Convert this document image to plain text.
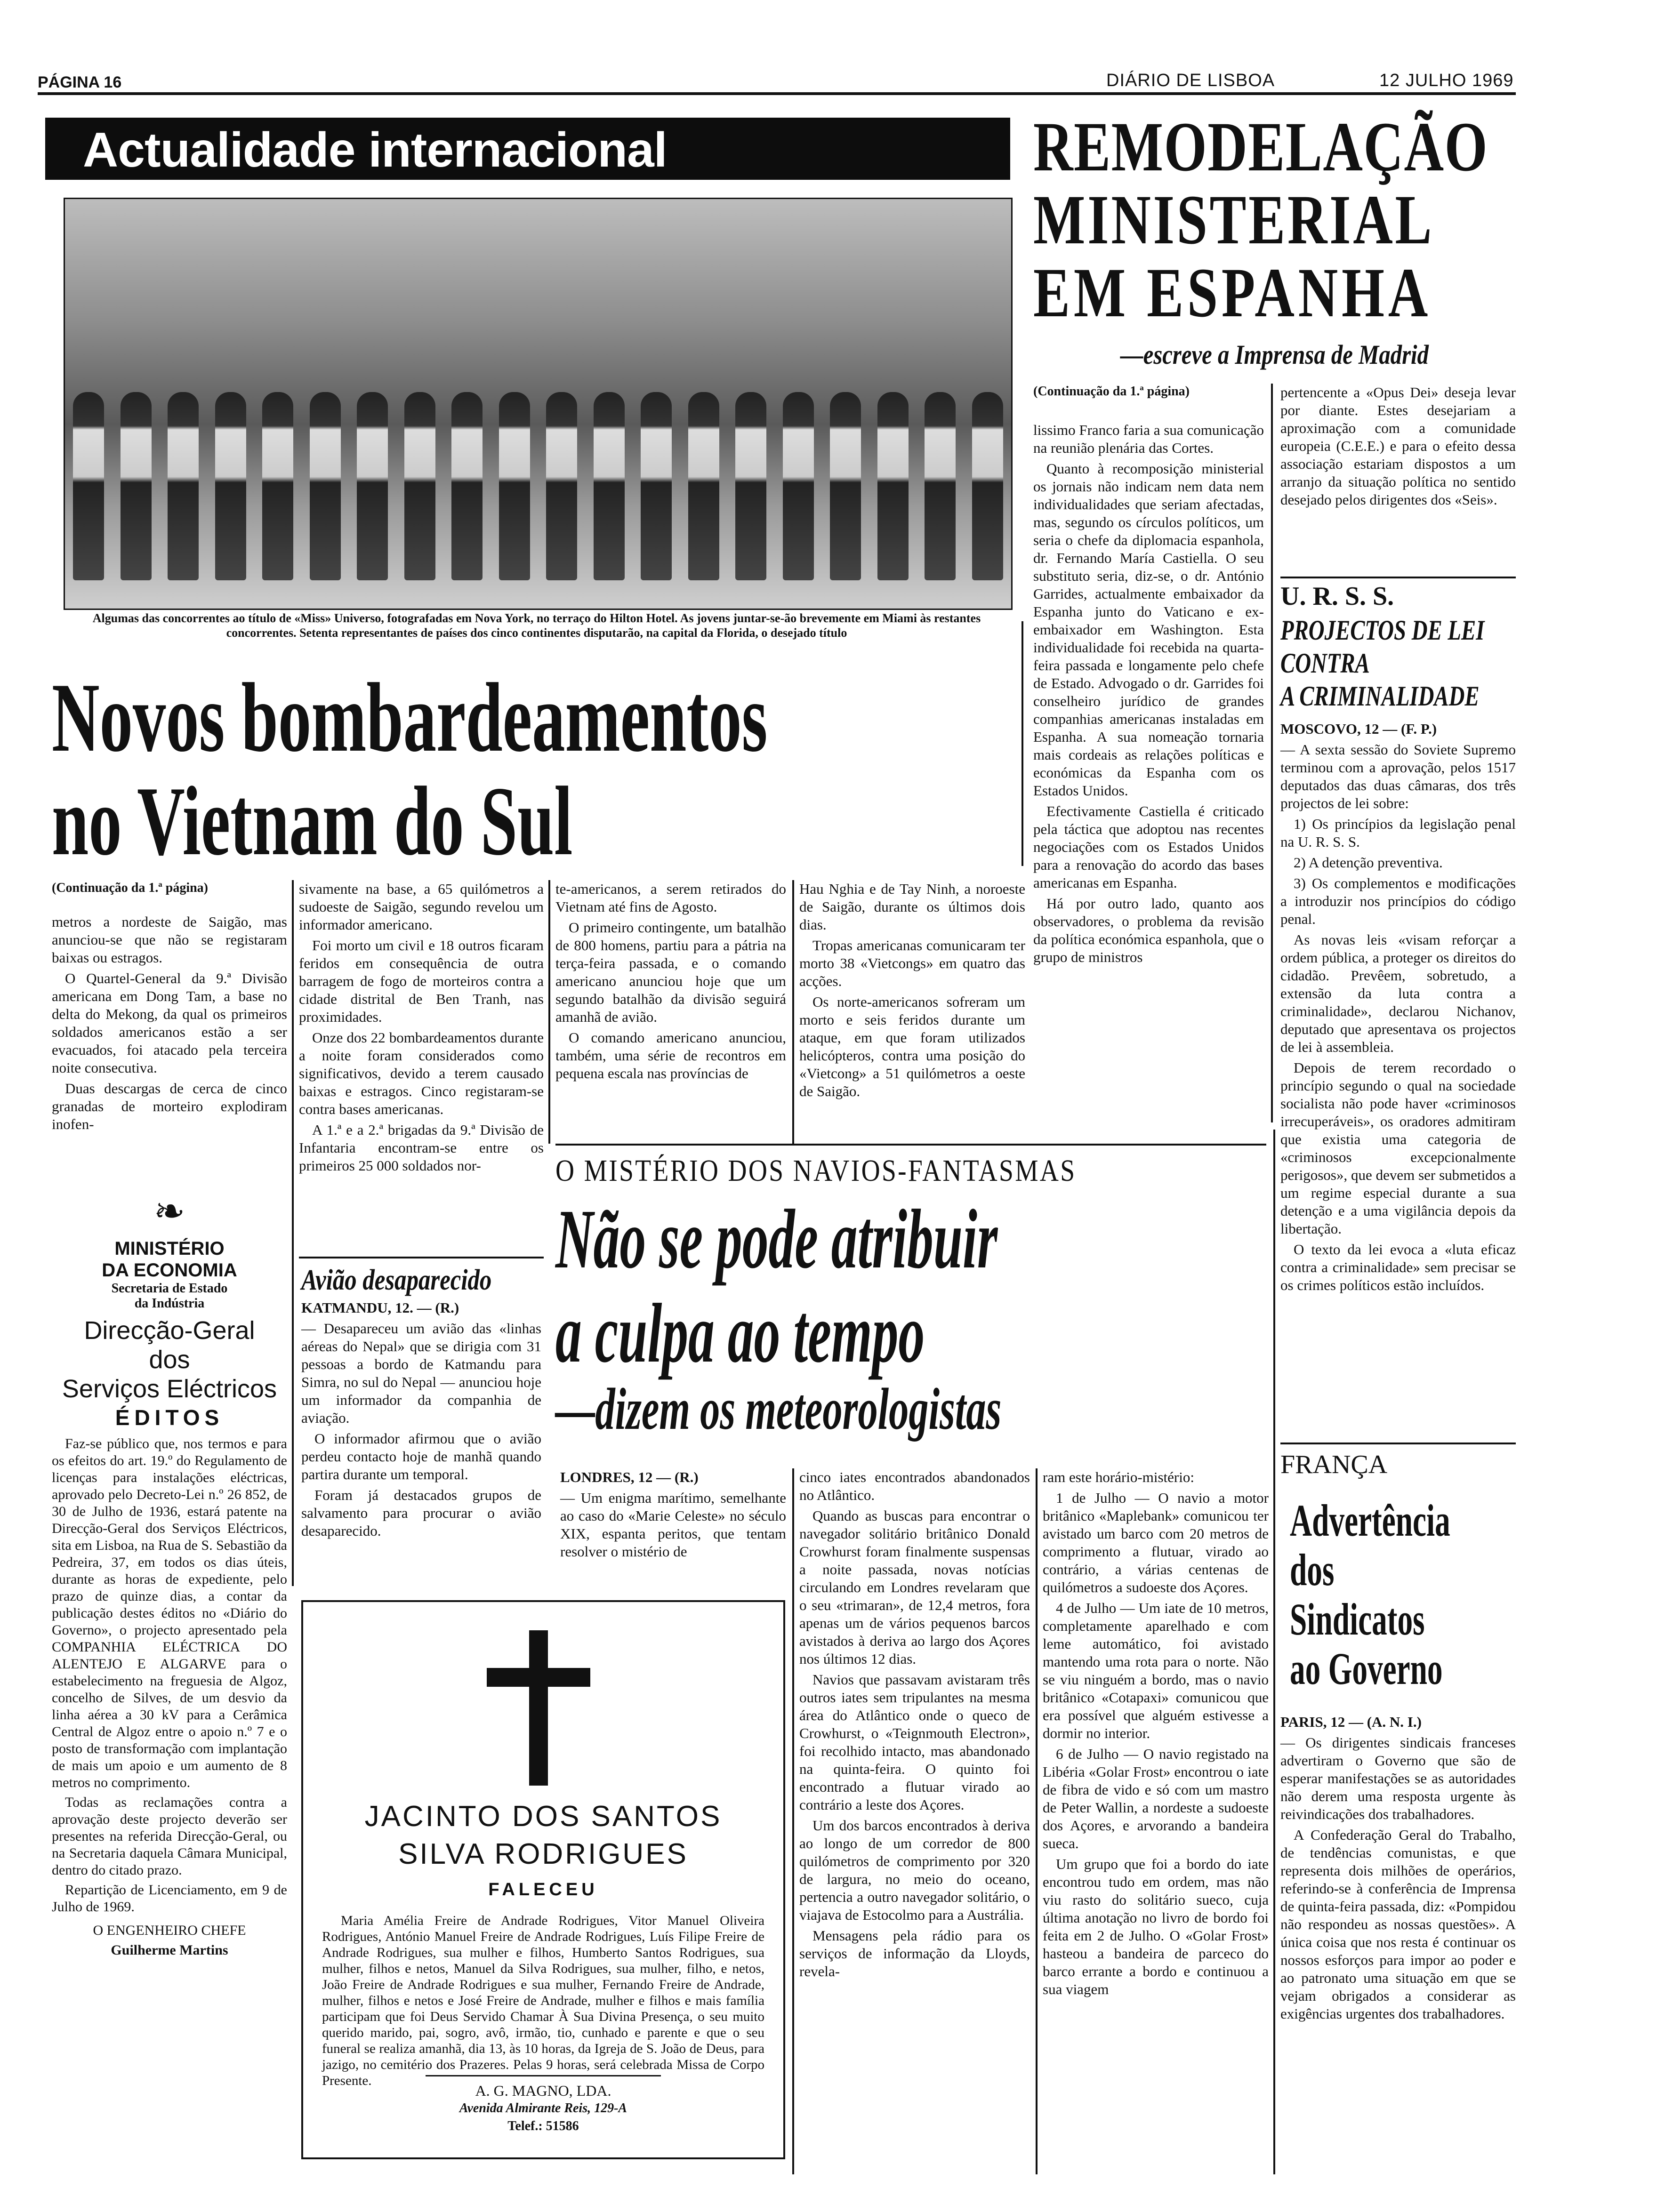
PÁGINA 16	DIÁRIO DE LISBOA	12 JULHO 1969
Actualidade internacional
Algumas das concorrentes ao título de «Miss» Universo, fotografadas em Nova York, no terraço do Hilton Hotel. As jovens juntar-se-ão brevemente em Miami às restantes concorrentes. Setenta representantes de países dos cinco continentes disputarão, na capital da Florida, o desejado título
REMODELAÇÃO
MINISTERIAL
EM ESPANHA
—escreve a Imprensa de Madrid

(Continuação da 1.ª página)

lissimo Franco faria a sua comunicação na reunião plenária das Cortes.

Quanto à recomposição ministerial os jornais não indicam nem data nem individualidades que seriam afectadas, mas, segundo os círculos políticos, um seria o chefe da diplomacia espanhola, dr. Fernando María Castiella. O seu substituto seria, diz-se, o dr. António Garrides, actualmente embaixador da Espanha junto do Vaticano e ex-embaixador em Washington. Esta individualidade foi recebida na quarta-feira passada e longamente pelo chefe de Estado. Advogado o dr. Garrides foi conselheiro jurídico de grandes companhias americanas instaladas em Espanha. A sua nomeação tornaria mais cordeais as relações políticas e económicas da Espanha com os Estados Unidos.

Efectivamente Castiella é criticado pela táctica que adoptou nas recentes negociações com os Estados Unidos para a renovação do acordo das bases americanas em Espanha.

Há por outro lado, quanto aos observadores, o problema da revisão da política económica espanhola, que o grupo de ministros

pertencente a «Opus Dei» deseja levar por diante. Estes desejariam a aproximação com a comunidade europeia (C.E.E.) e para o efeito dessa associação estariam dispostos a um arranjo da situação política no sentido desejado pelos dirigentes dos «Seis».

U. R. S. S.
PROJECTOS DE LEI
CONTRA
A CRIMINALIDADE

MOSCOVO, 12 — (F. P.)

— A sexta sessão do Soviete Supremo terminou com a aprovação, pelos 1517 deputados das duas câmaras, dos três projectos de lei sobre:

1) Os princípios da legislação penal na U. R. S. S.

2) A detenção preventiva.

3) Os complementos e modificações a introduzir nos princípios do código penal.

As novas leis «visam reforçar a ordem pública, a proteger os direitos do cidadão. Prevêem, sobretudo, a extensão da luta contra a criminalidade», declarou Nichanov, deputado que apresentava os projectos de lei à assembleia.

Depois de terem recordado o princípio segundo o qual na sociedade socialista não pode haver «criminosos irrecuperáveis», os oradores admitiram que existia uma categoria de «criminosos excepcionalmente perigosos», que devem ser submetidos a um regime especial durante a sua detenção e a uma vigilância depois da libertação.

O texto da lei evoca a «luta eficaz contra a criminalidade» sem precisar se os crimes políticos estão incluídos.

FRANÇA
Advertência
dos
Sindicatos
ao Governo

PARIS, 12 — (A. N. I.)

— Os dirigentes sindicais franceses advertiram o Governo que são de esperar manifestações se as autoridades não derem uma resposta urgente às reivindicações dos trabalhadores.

A Confederação Geral do Trabalho, de tendências comunistas, e que representa dois milhões de operários, referindo-se à conferência de Imprensa de quinta-feira passada, diz: «Pompidou não respondeu as nossas questões». A única coisa que nos resta é continuar os nossos esforços para impor ao poder e ao patronato uma situação em que se vejam obrigados a considerar as exigências urgentes dos trabalhadores.

Novos bombardeamentos
no Vietnam do Sul

(Continuação da 1.ª página)

metros a nordeste de Saigão, mas anunciou-se que não se registaram baixas ou estragos.

O Quartel-General da 9.ª Divisão americana em Dong Tam, a base no delta do Mekong, da qual os primeiros soldados americanos estão a ser evacuados, foi atacado pela terceira noite consecutiva.

Duas descargas de cerca de cinco granadas de morteiro explodiram inofen-

sivamente na base, a 65 quilómetros a sudoeste de Saigão, segundo revelou um informador americano.

Foi morto um civil e 18 outros ficaram feridos em consequência de outra barragem de fogo de morteiros contra a cidade distrital de Ben Tranh, nas proximidades.

Onze dos 22 bombardeamentos durante a noite foram considerados como significativos, devido a terem causado baixas e estragos. Cinco registaram-se contra bases americanas.

A 1.ª e a 2.ª brigadas da 9.ª Divisão de Infantaria encontram-se entre os primeiros 25 000 soldados nor-

te-americanos, a serem retirados do Vietnam até fins de Agosto.

O primeiro contingente, um batalhão de 800 homens, partiu para a pátria na terça-feira passada, e o comando americano anunciou hoje que um segundo batalhão da divisão seguirá amanhã de avião.

O comando americano anunciou, também, uma série de recontros em pequena escala nas províncias de

Hau Nghia e de Tay Ninh, a noroeste de Saigão, durante os últimos dois dias.

Tropas americanas comunicaram ter morto 38 «Vietcongs» em quatro das acções.

Os norte-americanos sofreram um morto e seis feridos durante um ataque, em que foram utilizados helicópteros, contra uma posição do «Vietcong» a 51 quilómetros a oeste de Saigão.

❧
MINISTÉRIO
DA ECONOMIA
Secretaria de Estado
da Indústria
Direcção-Geral
dos
Serviços Eléctricos
ÉDITOS

Faz-se público que, nos termos e para os efeitos do art. 19.º do Regulamento de licenças para instalações eléctricas, aprovado pelo Decreto-Lei n.º 26 852, de 30 de Julho de 1936, estará patente na Direcção-Geral dos Serviços Eléctricos, sita em Lisboa, na Rua de S. Sebastião da Pedreira, 37, em todos os dias úteis, durante as horas de expediente, pelo prazo de quinze dias, a contar da publicação destes éditos no «Diário do Governo», o projecto apresentado pela COMPANHIA ELÉCTRICA DO ALENTEJO E ALGARVE para o estabelecimento na freguesia de Algoz, concelho de Silves, de um desvio da linha aérea a 30 kV para a Cerâmica Central de Algoz entre o apoio n.º 7 e o posto de transformação com implantação de mais um apoio e um aumento de 8 metros no comprimento.

Todas as reclamações contra a aprovação deste projecto deverão ser presentes na referida Direcção-Geral, ou na Secretaria daquela Câmara Municipal, dentro do citado prazo.

Repartição de Licenciamento, em 9 de Julho de 1969.

O ENGENHEIRO CHEFE

Guilherme Martins

Avião desaparecido

KATMANDU, 12. — (R.)

— Desapareceu um avião das «linhas aéreas do Nepal» que se dirigia com 31 pessoas a bordo de Katmandu para Simra, no sul do Nepal — anunciou hoje um informador da companhia de aviação.

O informador afirmou que o avião perdeu contacto hoje de manhã quando partira durante um temporal.

Foram já destacados grupos de salvamento para procurar o avião desaparecido.

O MISTÉRIO DOS NAVIOS-FANTASMAS
Não se pode atribuir
a culpa ao tempo
—dizem os meteorologistas

LONDRES, 12 — (R.)

— Um enigma marítimo, semelhante ao caso do «Marie Celeste» no século XIX, espanta peritos, que tentam resolver o mistério de

cinco iates encontrados abandonados no Atlântico.

Quando as buscas para encontrar o navegador solitário britânico Donald Crowhurst foram finalmente suspensas a noite passada, novas notícias circulando em Londres revelaram que o seu «trimaran», de 12,4 metros, fora apenas um de vários pequenos barcos avistados à deriva ao largo dos Açores nos últimos 12 dias.

Navios que passavam avistaram três outros iates sem tripulantes na mesma área do Atlântico onde o queco de Crowhurst, o «Teignmouth Electron», foi recolhido intacto, mas abandonado na quinta-feira. O quinto foi encontrado a flutuar virado ao contrário a leste dos Açores.

Um dos barcos encontrados à deriva ao longo de um corredor de 800 quilómetros de comprimento por 320 de largura, no meio do oceano, pertencia a outro navegador solitário, o viajava de Estocolmo para a Austrália.

Mensagens pela rádio para os serviços de informação da Lloyds, revela-

ram este horário-mistério:

1 de Julho — O navio a motor britânico «Maplebank» comunicou ter avistado um barco com 20 metros de comprimento a flutuar, virado ao contrário, a várias centenas de quilómetros a sudoeste dos Açores.

4 de Julho — Um iate de 10 metros, completamente aparelhado e com leme automático, foi avistado mantendo uma rota para o norte. Não se viu ninguém a bordo, mas o navio britânico «Cotapaxi» comunicou que era possível que alguém estivesse a dormir no interior.

6 de Julho — O navio registado na Libéria «Golar Frost» encontrou o iate de fibra de vido e só com um mastro de Peter Wallin, a nordeste a sudoeste dos Açores, e arvorando a bandeira sueca.

Um grupo que foi a bordo do iate encontrou tudo em ordem, mas não viu rasto do solitário sueco, cuja última anotação no livro de bordo foi feita em 2 de Julho. O «Golar Frost» hasteou a bandeira de parceco do barco errante a bordo e continuou a sua viagem

JACINTO DOS SANTOS
SILVA RODRIGUES
FALECEU
Maria Amélia Freire de Andrade Rodrigues, Vitor Manuel Oliveira Rodrigues, António Manuel Freire de Andrade Rodrigues, Luís Filipe Freire de Andrade Rodrigues, sua mulher e filhos, Humberto Santos Rodrigues, sua mulher, filhos e netos, Manuel da Silva Rodrigues, sua mulher, filho, e netos, João Freire de Andrade Rodrigues e sua mulher, Fernando Freire de Andrade, mulher, filhos e netos e José Freire de Andrade, mulher e filhos e mais família participam que foi Deus Servido Chamar À Sua Divina Presença, o seu muito querido marido, pai, sogro, avô, irmão, tio, cunhado e parente e que o seu funeral se realiza amanhã, dia 13, às 10 horas, da Igreja de S. João de Deus, para jazigo, no cemitério dos Prazeres. Pelas 9 horas, será celebrada Missa de Corpo Presente.
A. G. MAGNO, LDA.
Avenida Almirante Reis, 129-A
Telef.: 51586
